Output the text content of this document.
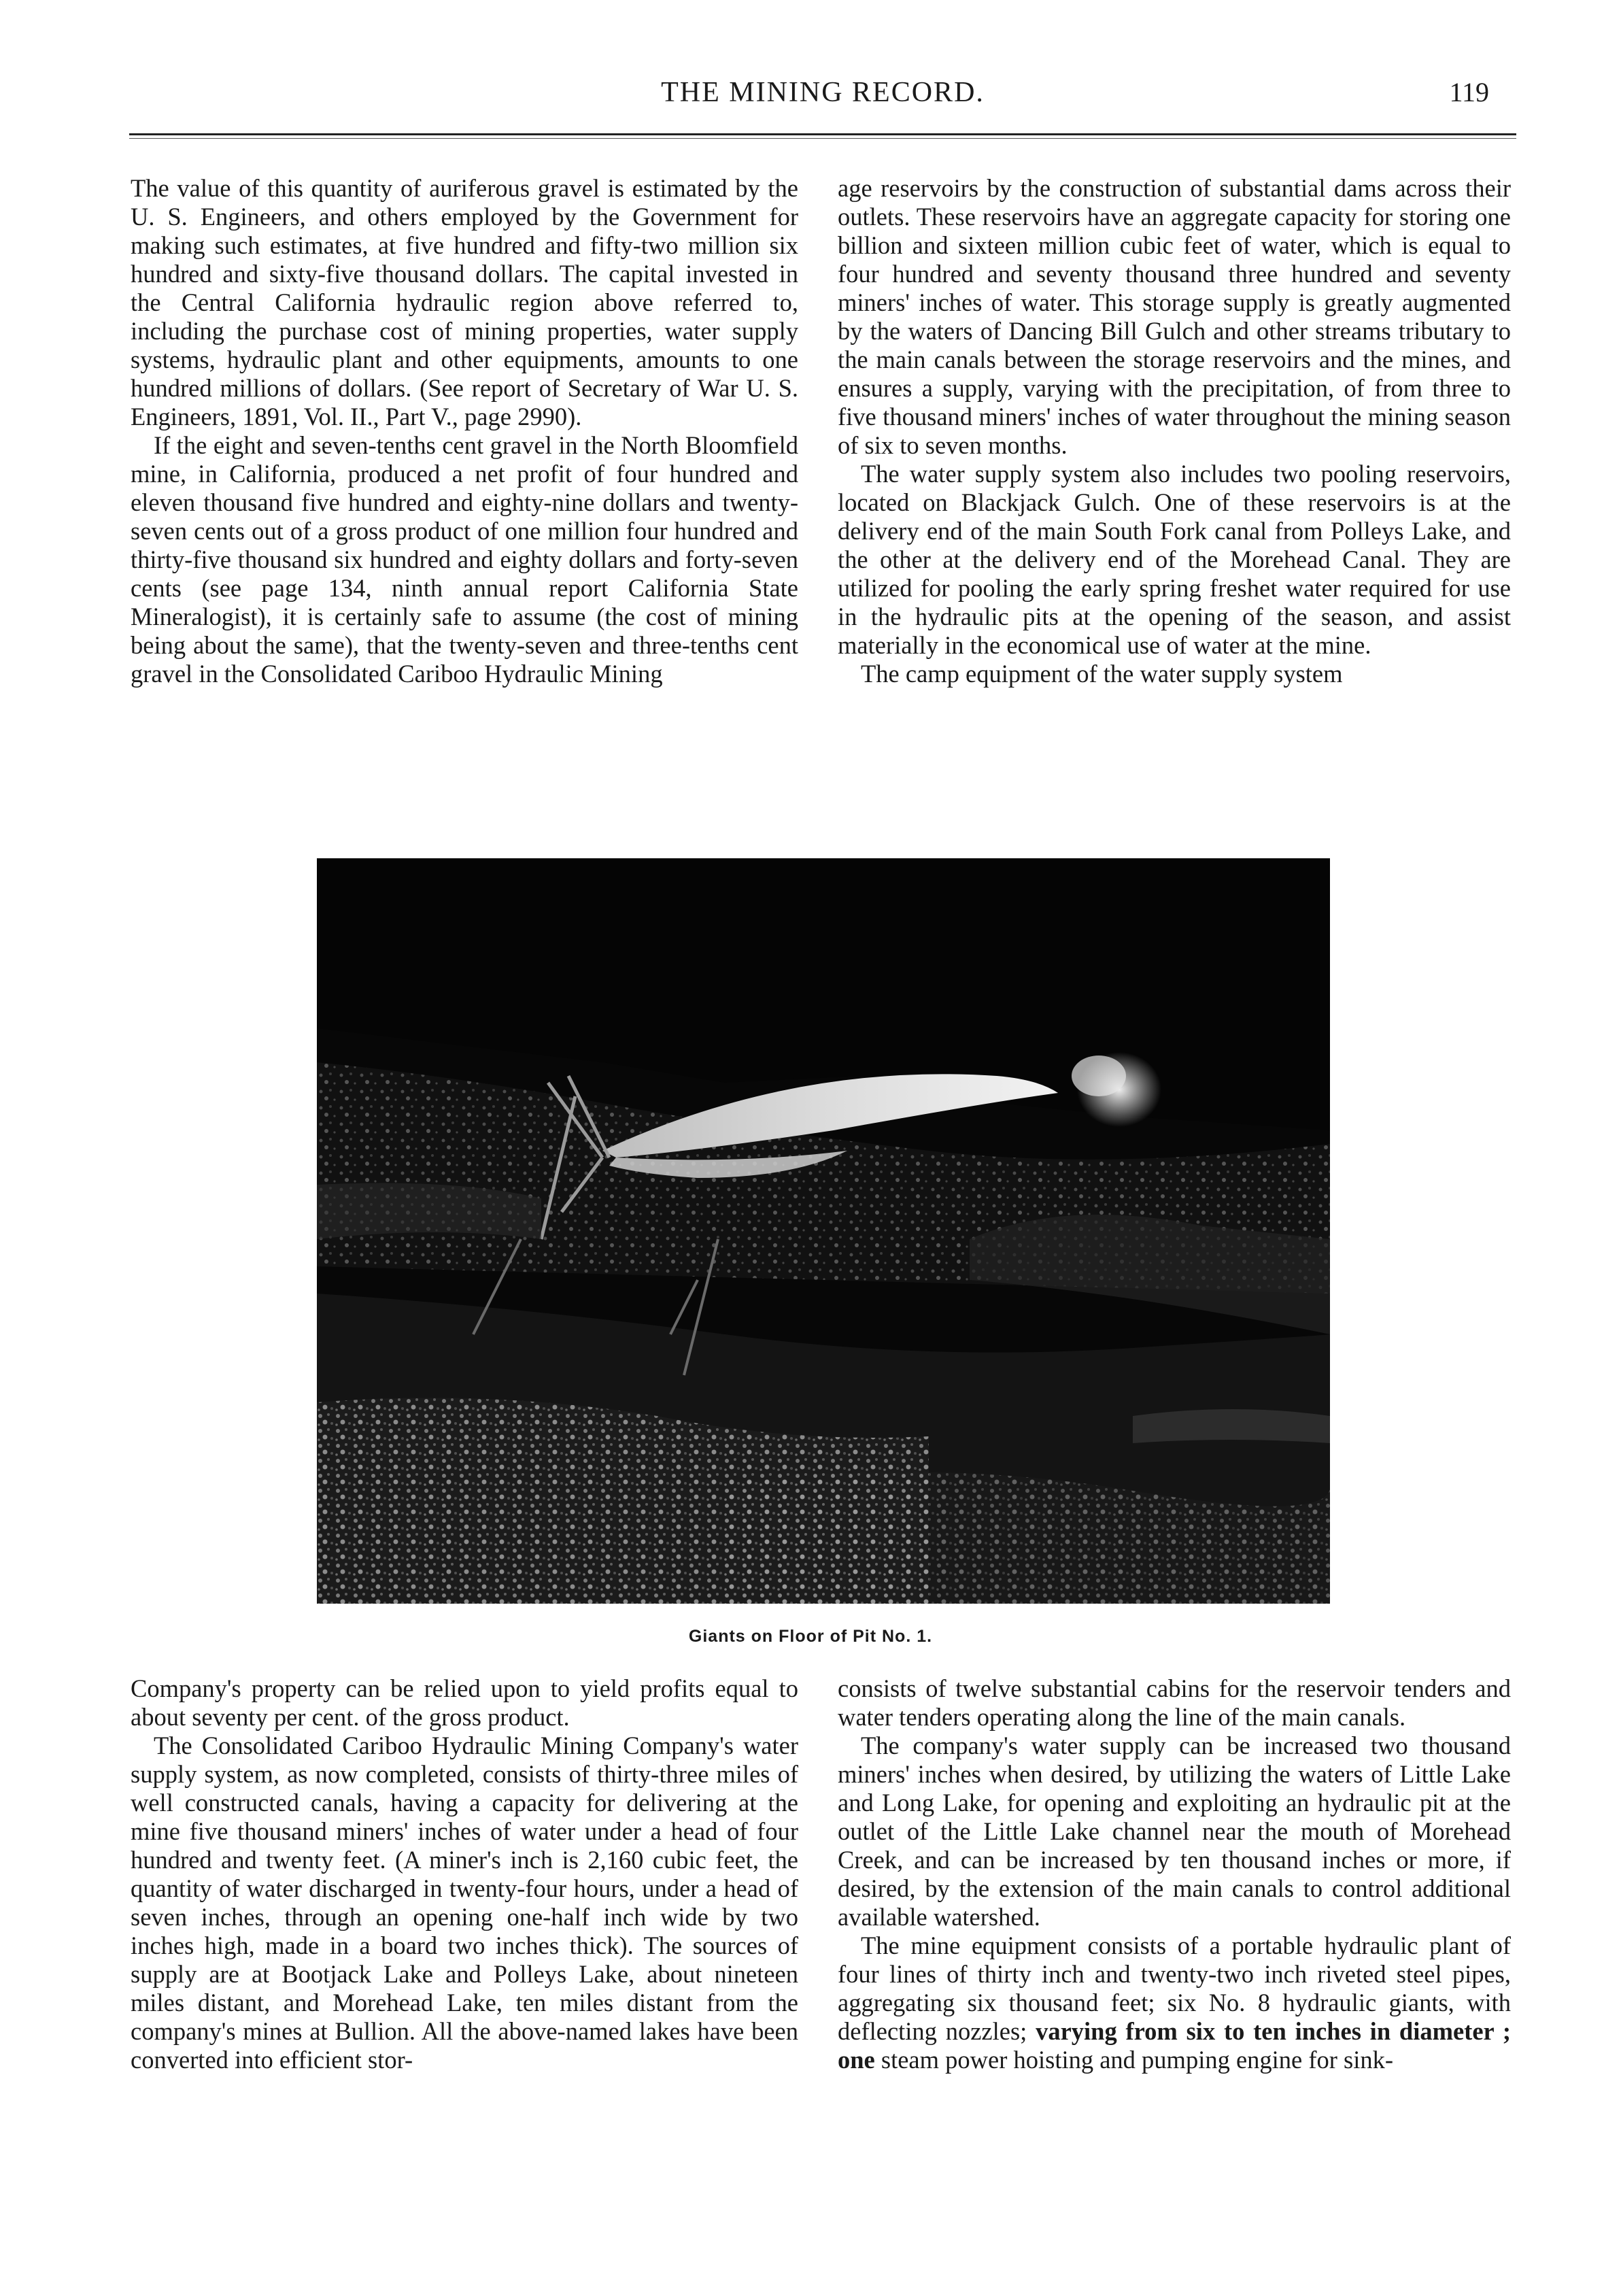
THE MINING RECORD.	119

The value of this quantity of auriferous gravel is estimated by the U. S. Engineers, and others employed by the Government for making such estimates, at five hundred and fifty-two million six hundred and sixty-five thousand dollars. The capital invested in the Central California hydraulic region above referred to, including the purchase cost of mining properties, water supply systems, hydraulic plant and other equipments, amounts to one hundred millions of dollars. (See report of Secretary of War U. S. Engineers, 1891, Vol. II., Part V., page 2990).

If the eight and seven-tenths cent gravel in the North Bloomfield mine, in California, produced a net profit of four hundred and eleven thousand five hundred and eighty-nine dollars and twenty-seven cents out of a gross product of one million four hundred and thirty-five thousand six hundred and eighty dollars and forty-seven cents (see page 134, ninth annual report California State Mineralogist), it is certainly safe to assume (the cost of mining being about the same), that the twenty-seven and three-tenths cent gravel in the Consolidated Cariboo Hydraulic Mining

age reservoirs by the construction of substantial dams across their outlets. These reservoirs have an aggregate capacity for storing one billion and sixteen million cubic feet of water, which is equal to four hundred and seventy thousand three hundred and seventy miners' inches of water. This storage supply is greatly augmented by the waters of Dancing Bill Gulch and other streams tributary to the main canals between the storage reservoirs and the mines, and ensures a supply, varying with the precipitation, of from three to five thousand miners' inches of water throughout the mining season of six to seven months.

The water supply system also includes two pooling reservoirs, located on Blackjack Gulch. One of these reservoirs is at the delivery end of the main South Fork canal from Polleys Lake, and the other at the delivery end of the Morehead Canal. They are utilized for pooling the early spring freshet water required for use in the hydraulic pits at the opening of the season, and assist materially in the economical use of water at the mine.

The camp equipment of the water supply system

Giants on Floor of Pit No. 1.

Company's property can be relied upon to yield profits equal to about seventy per cent. of the gross product.

The Consolidated Cariboo Hydraulic Mining Company's water supply system, as now completed, consists of thirty-three miles of well constructed canals, having a capacity for delivering at the mine five thousand miners' inches of water under a head of four hundred and twenty feet. (A miner's inch is 2,160 cubic feet, the quantity of water discharged in twenty-four hours, under a head of seven inches, through an opening one-half inch wide by two inches high, made in a board two inches thick). The sources of supply are at Bootjack Lake and Polleys Lake, about nineteen miles distant, and Morehead Lake, ten miles distant from the company's mines at Bullion. All the above-named lakes have been converted into efficient stor-

consists of twelve substantial cabins for the reservoir tenders and water tenders operating along the line of the main canals.

The company's water supply can be increased two thousand miners' inches when desired, by utilizing the waters of Little Lake and Long Lake, for opening and exploiting an hydraulic pit at the outlet of the Little Lake channel near the mouth of Morehead Creek, and can be increased by ten thousand inches or more, if desired, by the extension of the main canals to control additional available watershed.

The mine equipment consists of a portable hydraulic plant of four lines of thirty inch and twenty-two inch riveted steel pipes, aggregating six thousand feet; six No. 8 hydraulic giants, with deflecting nozzles; varying from six to ten inches in diameter ; one steam power hoisting and pumping engine for sink-
